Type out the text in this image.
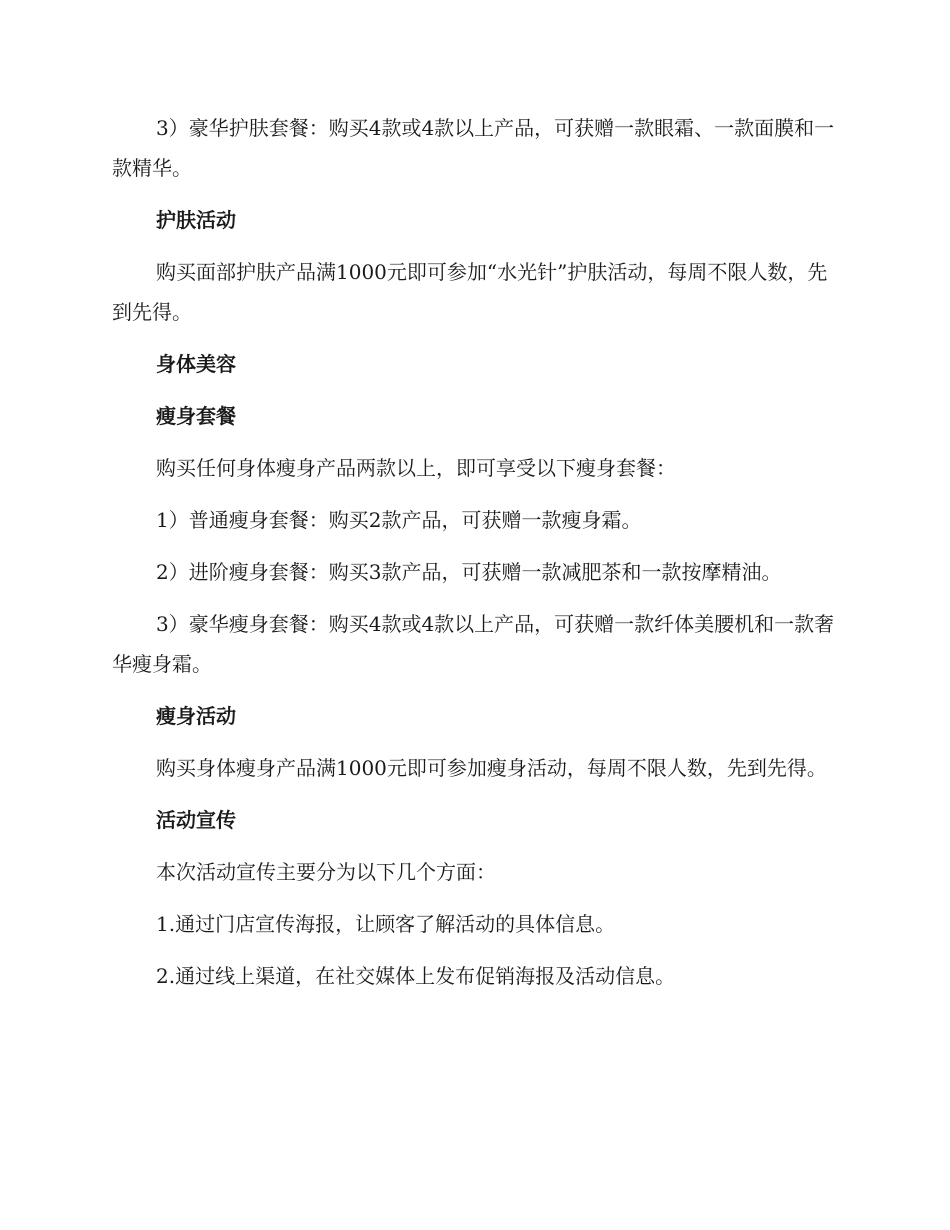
3）豪华护肤套餐：购买4款或4款以上产品，可获赠一款眼霜、一款面膜和一款精华。

护肤活动

购买面部护肤产品满1000元即可参加“水光针”护肤活动，每周不限人数，先到先得。

身体美容

瘦身套餐

购买任何身体瘦身产品两款以上，即可享受以下瘦身套餐：

1）普通瘦身套餐：购买2款产品，可获赠一款瘦身霜。

2）进阶瘦身套餐：购买3款产品，可获赠一款减肥茶和一款按摩精油。

3）豪华瘦身套餐：购买4款或4款以上产品，可获赠一款纤体美腰机和一款奢华瘦身霜。

瘦身活动

购买身体瘦身产品满1000元即可参加瘦身活动，每周不限人数，先到先得。

活动宣传

本次活动宣传主要分为以下几个方面：

1.通过门店宣传海报，让顾客了解活动的具体信息。

2.通过线上渠道，在社交媒体上发布促销海报及活动信息。
